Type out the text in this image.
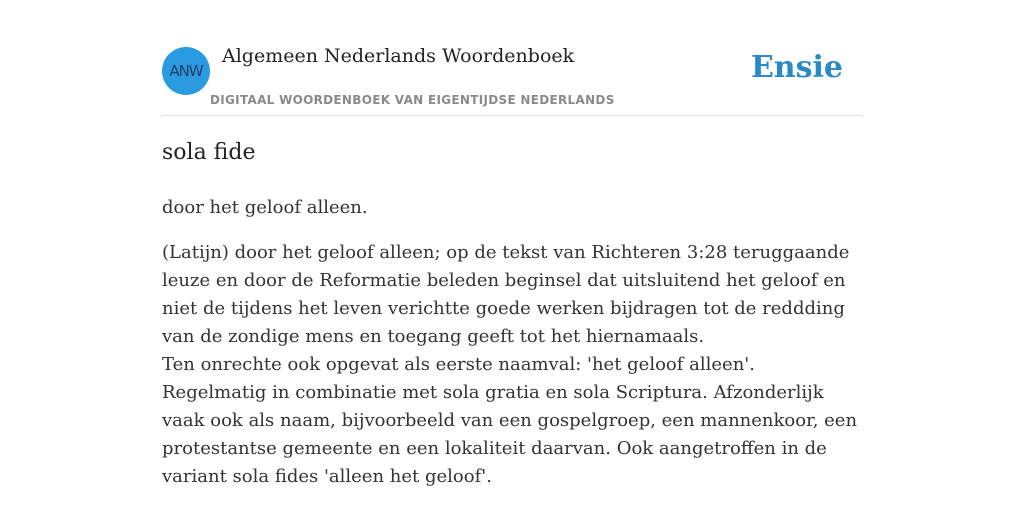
ANW
Algemeen Nederlands Woordenboek
DIGITAAL WOORDENBOEK VAN EIGENTIJDSE NEDERLANDS
Ensie
sola fide
door het geloof alleen.

(Latijn) door het geloof alleen; op de tekst van Richteren 3:28 teruggaande leuze en door de Reformatie beleden beginsel dat uitsluitend het geloof en niet de tijdens het leven verichtte goede werken bijdragen tot de reddding van de zondige mens en toegang geeft tot het hiernamaals.

Ten onrechte ook opgevat als eerste naamval: 'het geloof alleen'. Regelmatig in combinatie met sola gratia en sola Scriptura. Afzonderlijk vaak ook als naam, bijvoorbeeld van een gospelgroep, een mannenkoor, een protestantse gemeente en een lokaliteit daarvan. Ook aangetroffen in de variant sola fides 'alleen het geloof'.
